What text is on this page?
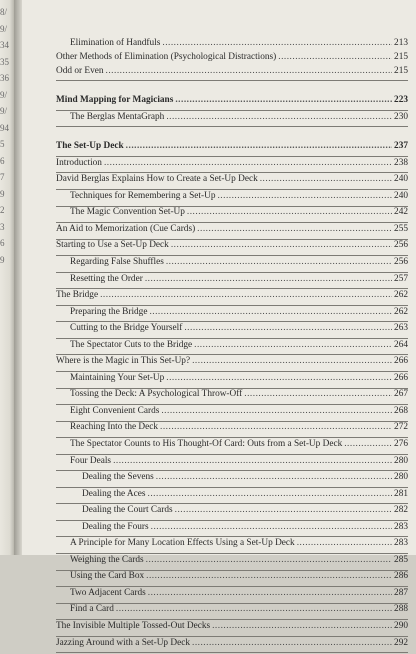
8/
9/
34
35
36
9/
9/
94
5
6
7
9
2
3
6
9
Elimination of Handfuls .....	213
Other Methods of Elimination (Psychological Distractions) .....	215
Odd or Even .....	215
Mind Mapping for Magicians .....	223
The Berglas MentaGraph .....	230
The Set-Up Deck .....	237
Introduction .....	238
David Berglas Explains How to Create a Set-Up Deck .....	240
Techniques for Remembering a Set-Up .....	240
The Magic Convention Set-Up .....	242
An Aid to Memorization (Cue Cards) .....	255
Starting to Use a Set-Up Deck .....	256
Regarding False Shuffles .....	256
Resetting the Order .....	257
The Bridge .....	262
Preparing the Bridge .....	262
Cutting to the Bridge Yourself .....	263
The Spectator Cuts to the Bridge .....	264
Where is the Magic in This Set-Up? .....	266
Maintaining Your Set-Up .....	266
Tossing the Deck: A Psychological Throw-Off .....	267
Eight Convenient Cards .....	268
Reaching Into the Deck .....	272
The Spectator Counts to His Thought-Of Card: Outs from a Set-Up Deck .....	276
Four Deals .....	280
Dealing the Sevens .....	280
Dealing the Aces .....	281
Dealing the Court Cards .....	282
Dealing the Fours .....	283
A Principle for Many Location Effects Using a Set-Up Deck .....	283
Weighing the Cards .....	285
Using the Card Box .....	286
Two Adjacent Cards .....	287
Find a Card .....	288
The Invisible Multiple Tossed-Out Decks .....	290
Jazzing Around with a Set-Up Deck .....	292
